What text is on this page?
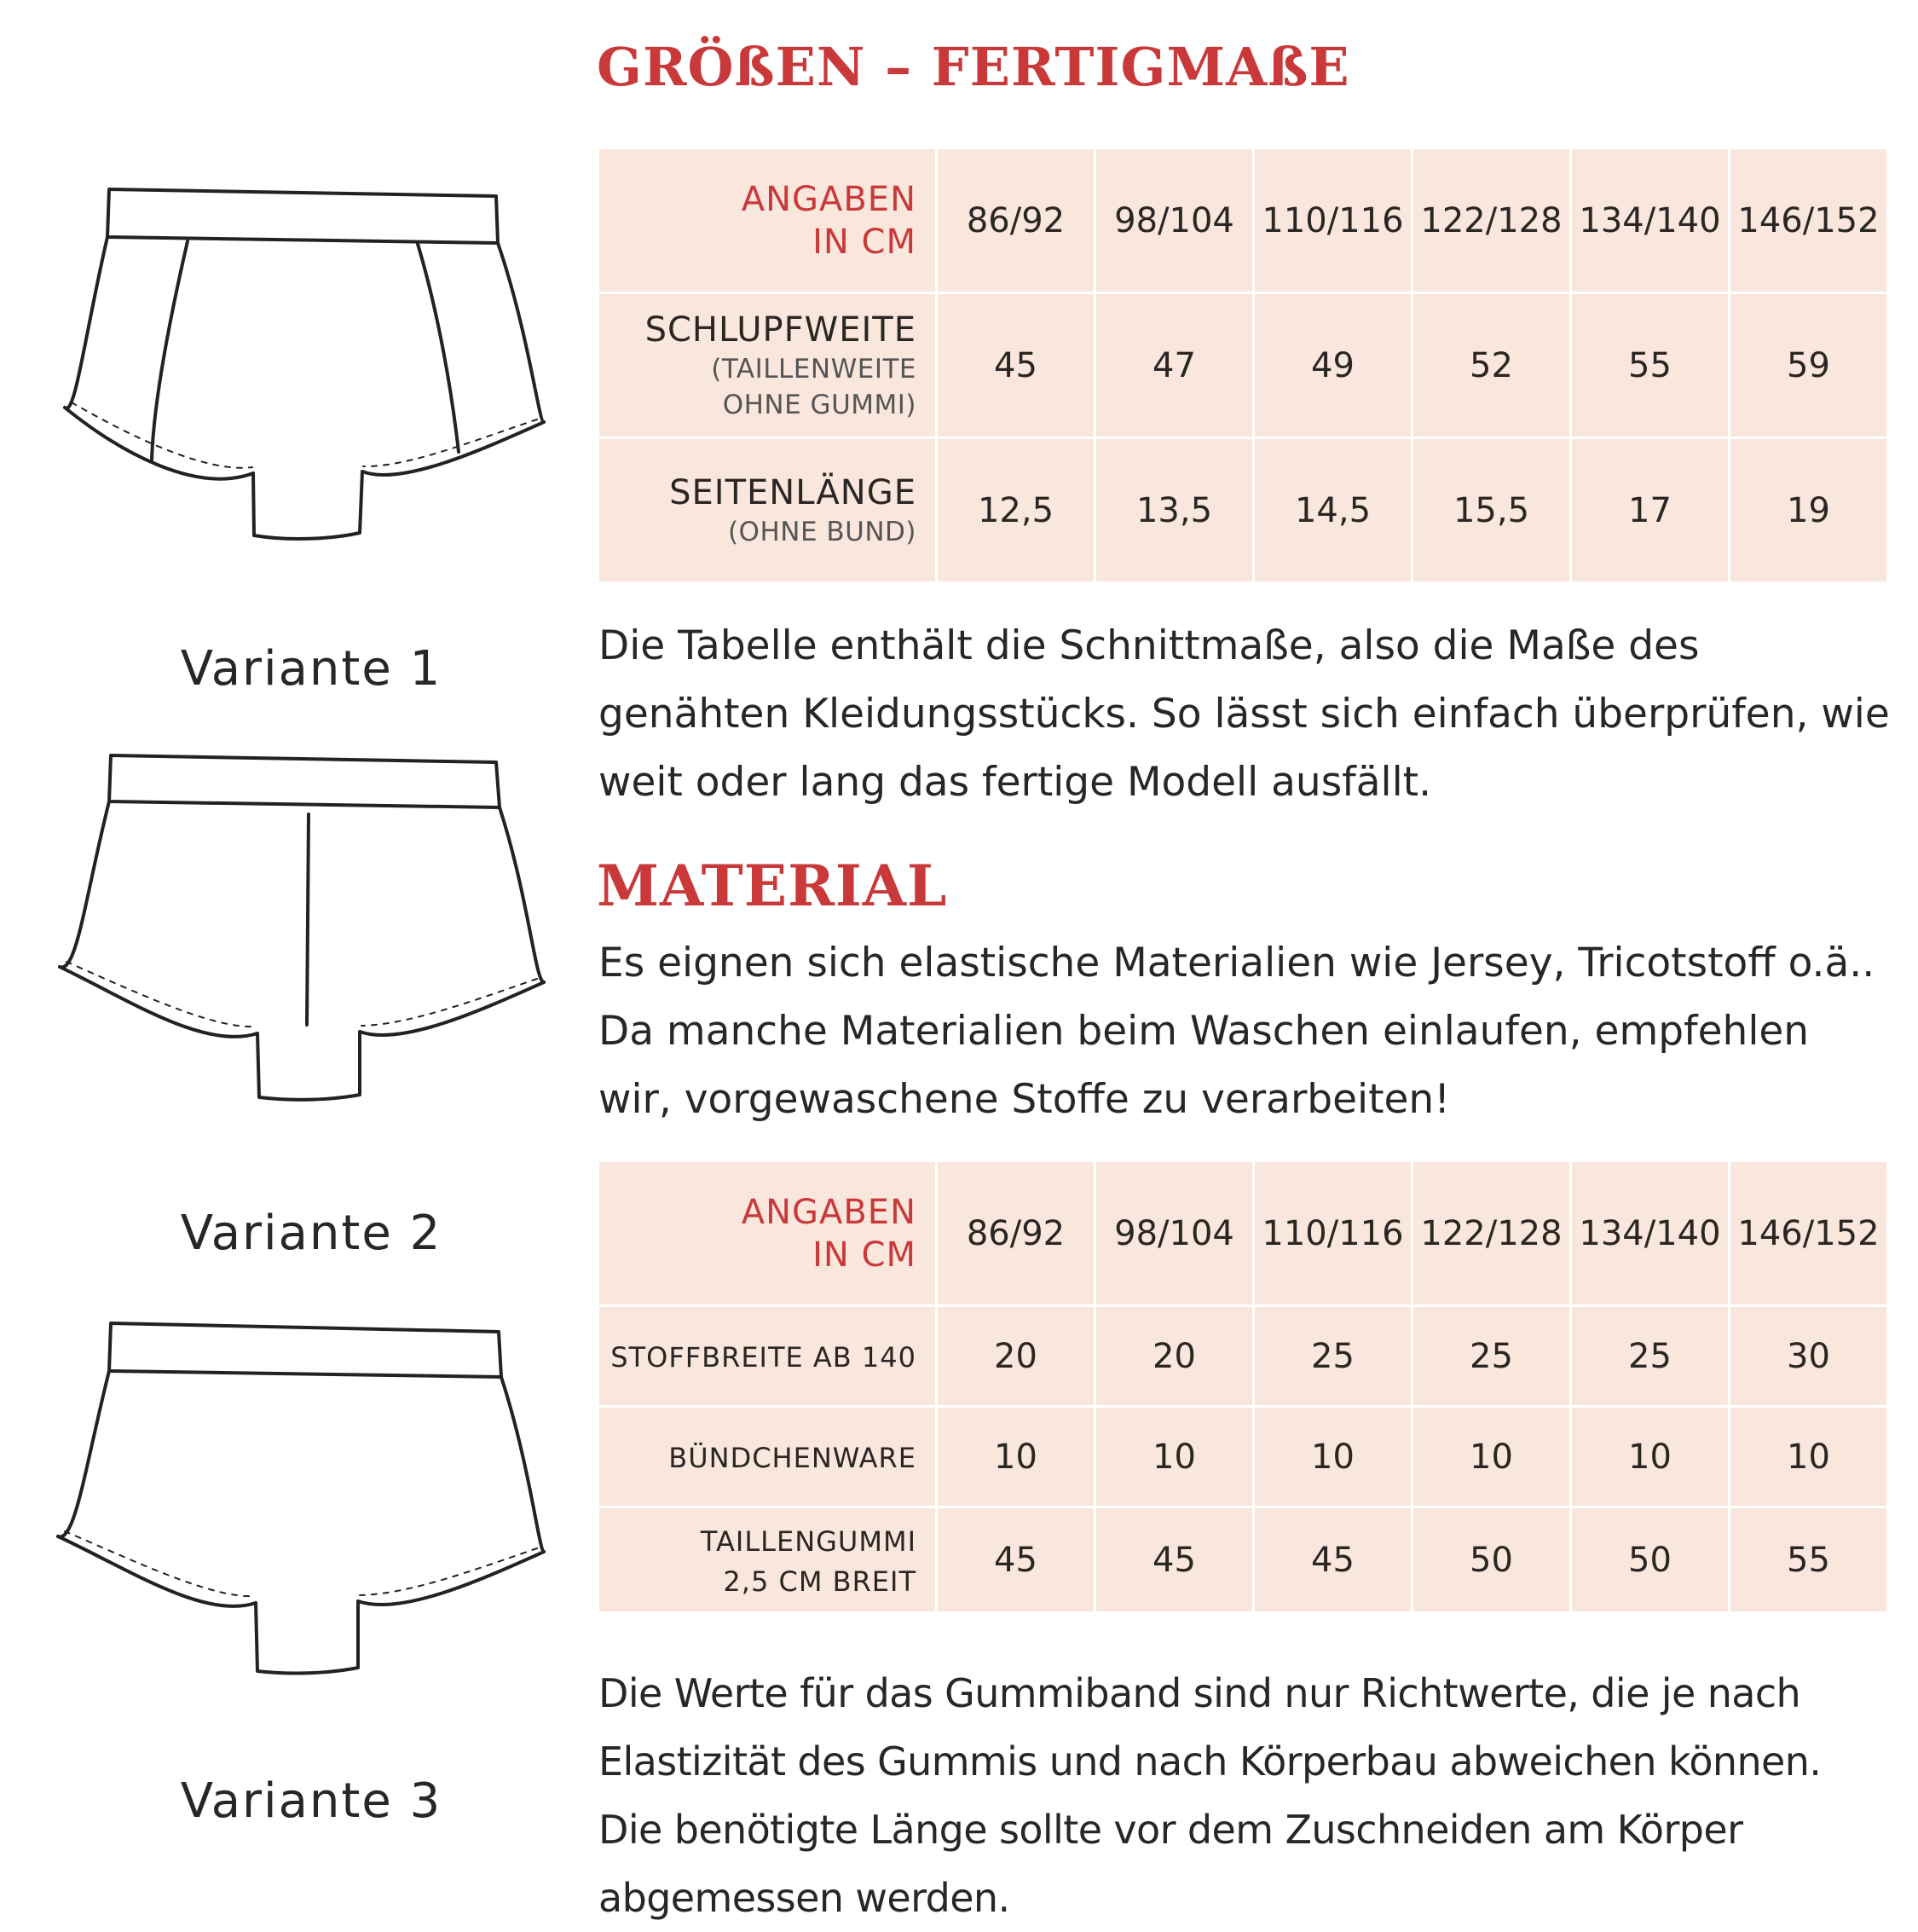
GRÖßEN – FERTIGMAßE
ANGABEN
IN CM	86/92	98/104	110/116	122/128	134/140	146/152
SCHLUPFWEITE
(TAILLENWEITE
OHNE GUMMI)	45	47	49	52	55	59
SEITENLÄNGE
(OHNE BUND)	12,5	13,5	14,5	15,5	17	19

Die Tabelle enthält die Schnittmaße, also die Maße des genähten Kleidungsstücks. So lässt sich einfach überprüfen, wie weit oder lang das fertige Modell ausfällt.

MATERIAL

Es eignen sich elastische Materialien wie Jersey, Tricotstoff o.ä.. Da manche Materialien beim Waschen einlaufen, empfehlen wir, vorgewaschene Stoffe zu verarbeiten!

ANGABEN
IN CM	86/92	98/104	110/116	122/128	134/140	146/152
STOFFBREITE AB 140	20	20	25	25	25	30
BÜNDCHENWARE	10	10	10	10	10	10
TAILLENGUMMI
2,5 CM BREIT	45	45	45	50	50	55

Die Werte für das Gummiband sind nur Richtwerte, die je nach Elastizität des Gummis und nach Körperbau abweichen können. Die benötigte Länge sollte vor dem Zuschneiden am Körper abgemessen werden.

Variante 1
Variante 2
Variante 3
